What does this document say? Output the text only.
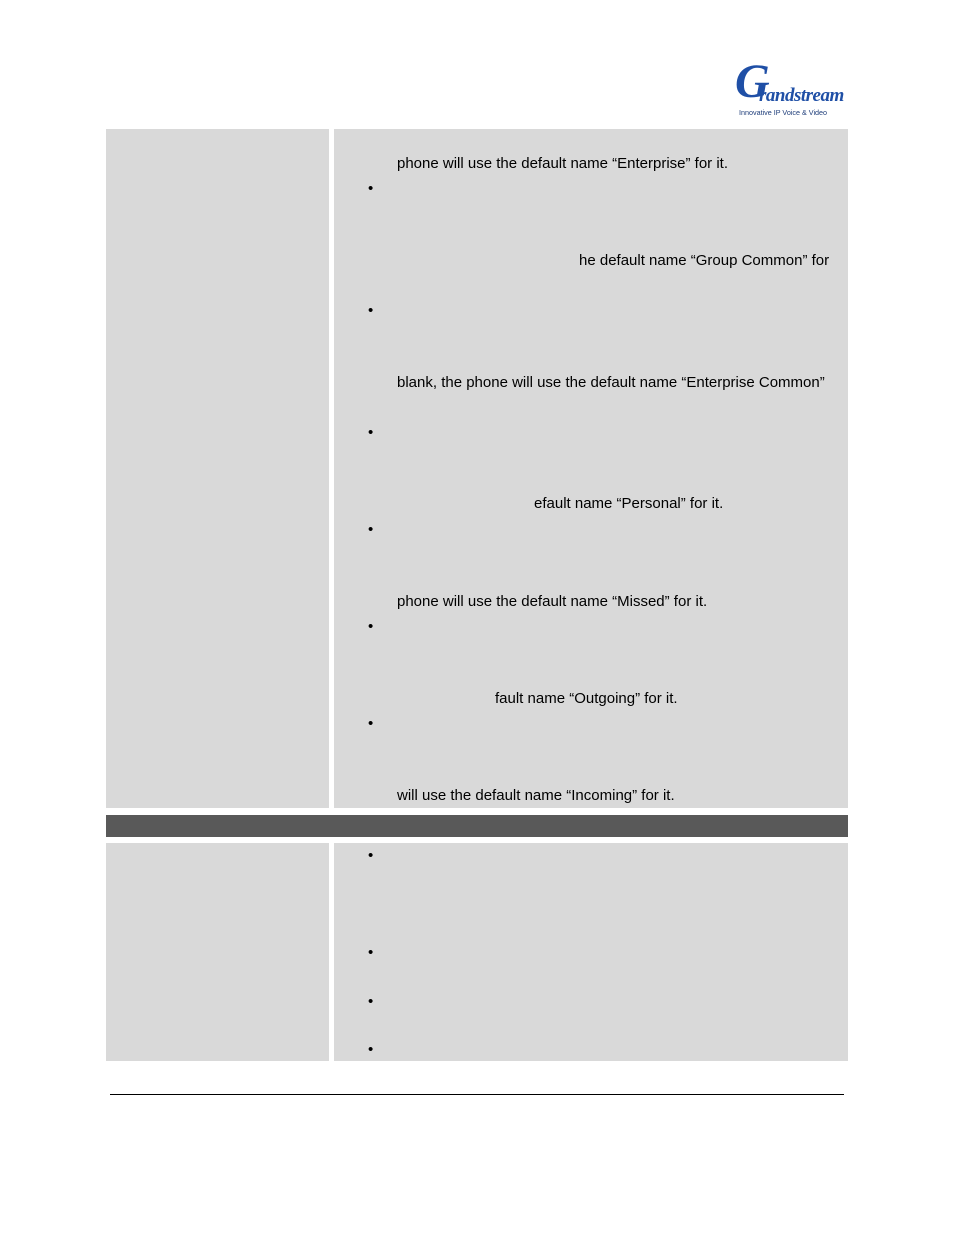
G
randstream
Innovative IP Voice & Video
•
•
•
•
•
•
phone will use the default name “Enterprise” for it.
he default name “Group Common” for
blank, the phone will use the default name “Enterprise Common”
efault name “Personal” for it.
phone will use the default name “Missed” for it.
fault name “Outgoing” for it.
will use the default name “Incoming” for it.
•
•
•
•
